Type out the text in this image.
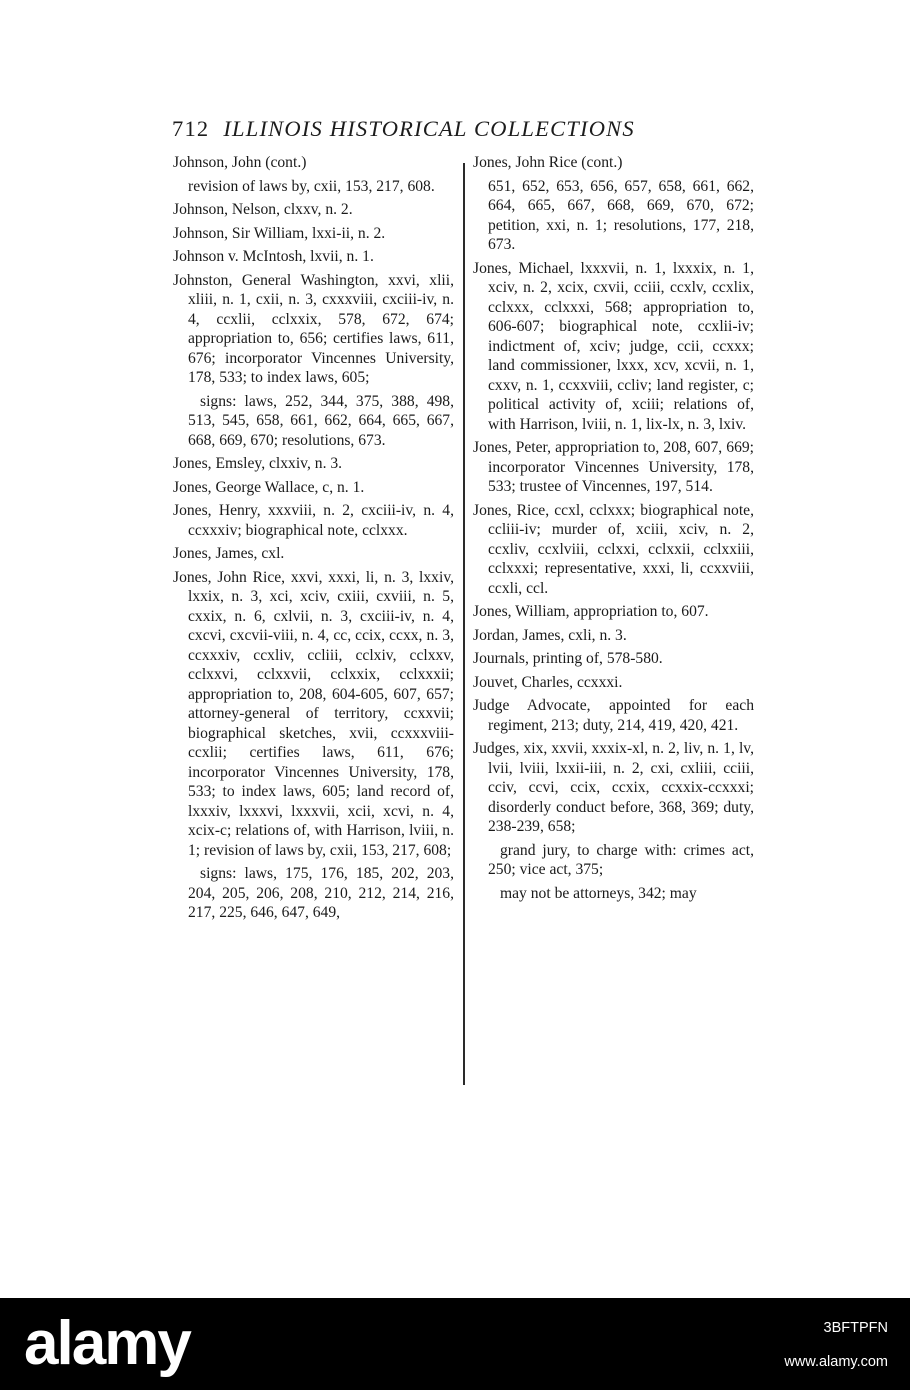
712 ILLINOIS HISTORICAL COLLECTIONS

Johnson, John (cont.)

revision of laws by, cxii, 153, 217, 608.

Johnson, Nelson, clxxv, n. 2.

Johnson, Sir William, lxxi-ii, n. 2.

Johnson v. McIntosh, lxvii, n. 1.

Johnston, General Washington, xxvi, xlii, xliii, n. 1, cxii, n. 3, cxxxviii, cxciii-iv, n. 4, ccxlii, cclxxix, 578, 672, 674; appropriation to, 656; certifies laws, 611, 676; incorporator Vincennes University, 178, 533; to index laws, 605;

signs: laws, 252, 344, 375, 388, 498, 513, 545, 658, 661, 662, 664, 665, 667, 668, 669, 670; resolutions, 673.

Jones, Emsley, clxxiv, n. 3.

Jones, George Wallace, c, n. 1.

Jones, Henry, xxxviii, n. 2, cxciii-iv, n. 4, ccxxxiv; biographical note, cclxxx.

Jones, James, cxl.

Jones, John Rice, xxvi, xxxi, li, n. 3, lxxiv, lxxix, n. 3, xci, xciv, cxiii, cxviii, n. 5, cxxix, n. 6, cxlvii, n. 3, cxciii-iv, n. 4, cxcvi, cxcvii-viii, n. 4, cc, ccix, ccxx, n. 3, ccxxxiv, ccxliv, ccliii, cclxiv, cclxxv, cclxxvi, cclxxvii, cclxxix, cclxxxii; appropriation to, 208, 604-605, 607, 657; attorney-general of territory, ccxxvii; biographical sketches, xvii, ccxxxviii-ccxlii; certifies laws, 611, 676; incorporator Vincennes University, 178, 533; to index laws, 605; land record of, lxxxiv, lxxxvi, lxxxvii, xcii, xcvi, n. 4, xcix-c; relations of, with Harrison, lviii, n. 1; revision of laws by, cxii, 153, 217, 608;

signs: laws, 175, 176, 185, 202, 203, 204, 205, 206, 208, 210, 212, 214, 216, 217, 225, 646, 647, 649,

Jones, John Rice (cont.)

651, 652, 653, 656, 657, 658, 661, 662, 664, 665, 667, 668, 669, 670, 672; petition, xxi, n. 1; resolutions, 177, 218, 673.

Jones, Michael, lxxxvii, n. 1, lxxxix, n. 1, xciv, n. 2, xcix, cxvii, cciii, ccxlv, ccxlix, cclxxx, cclxxxi, 568; appropriation to, 606-607; biographical note, ccxlii-iv; indictment of, xciv; judge, ccii, ccxxx; land commissioner, lxxx, xcv, xcvii, n. 1, cxxv, n. 1, ccxxviii, ccliv; land register, c; political activity of, xciii; relations of, with Harrison, lviii, n. 1, lix-lx, n. 3, lxiv.

Jones, Peter, appropriation to, 208, 607, 669; incorporator Vincennes University, 178, 533; trustee of Vincennes, 197, 514.

Jones, Rice, ccxl, cclxxx; biographical note, ccliii-iv; murder of, xciii, xciv, n. 2, ccxliv, ccxlviii, cclxxi, cclxxii, cclxxiii, cclxxxi; representative, xxxi, li, ccxxviii, ccxli, ccl.

Jones, William, appropriation to, 607.

Jordan, James, cxli, n. 3.

Journals, printing of, 578-580.

Jouvet, Charles, ccxxxi.

Judge Advocate, appointed for each regiment, 213; duty, 214, 419, 420, 421.

Judges, xix, xxvii, xxxix-xl, n. 2, liv, n. 1, lv, lvii, lviii, lxxii-iii, n. 2, cxi, cxliii, cciii, cciv, ccvi, ccix, ccxix, ccxxix-ccxxxi; disorderly conduct before, 368, 369; duty, 238-239, 658;

grand jury, to charge with: crimes act, 250; vice act, 375;

may not be attorneys, 342; may

alamy	3BFTPFN
www.alamy.com
